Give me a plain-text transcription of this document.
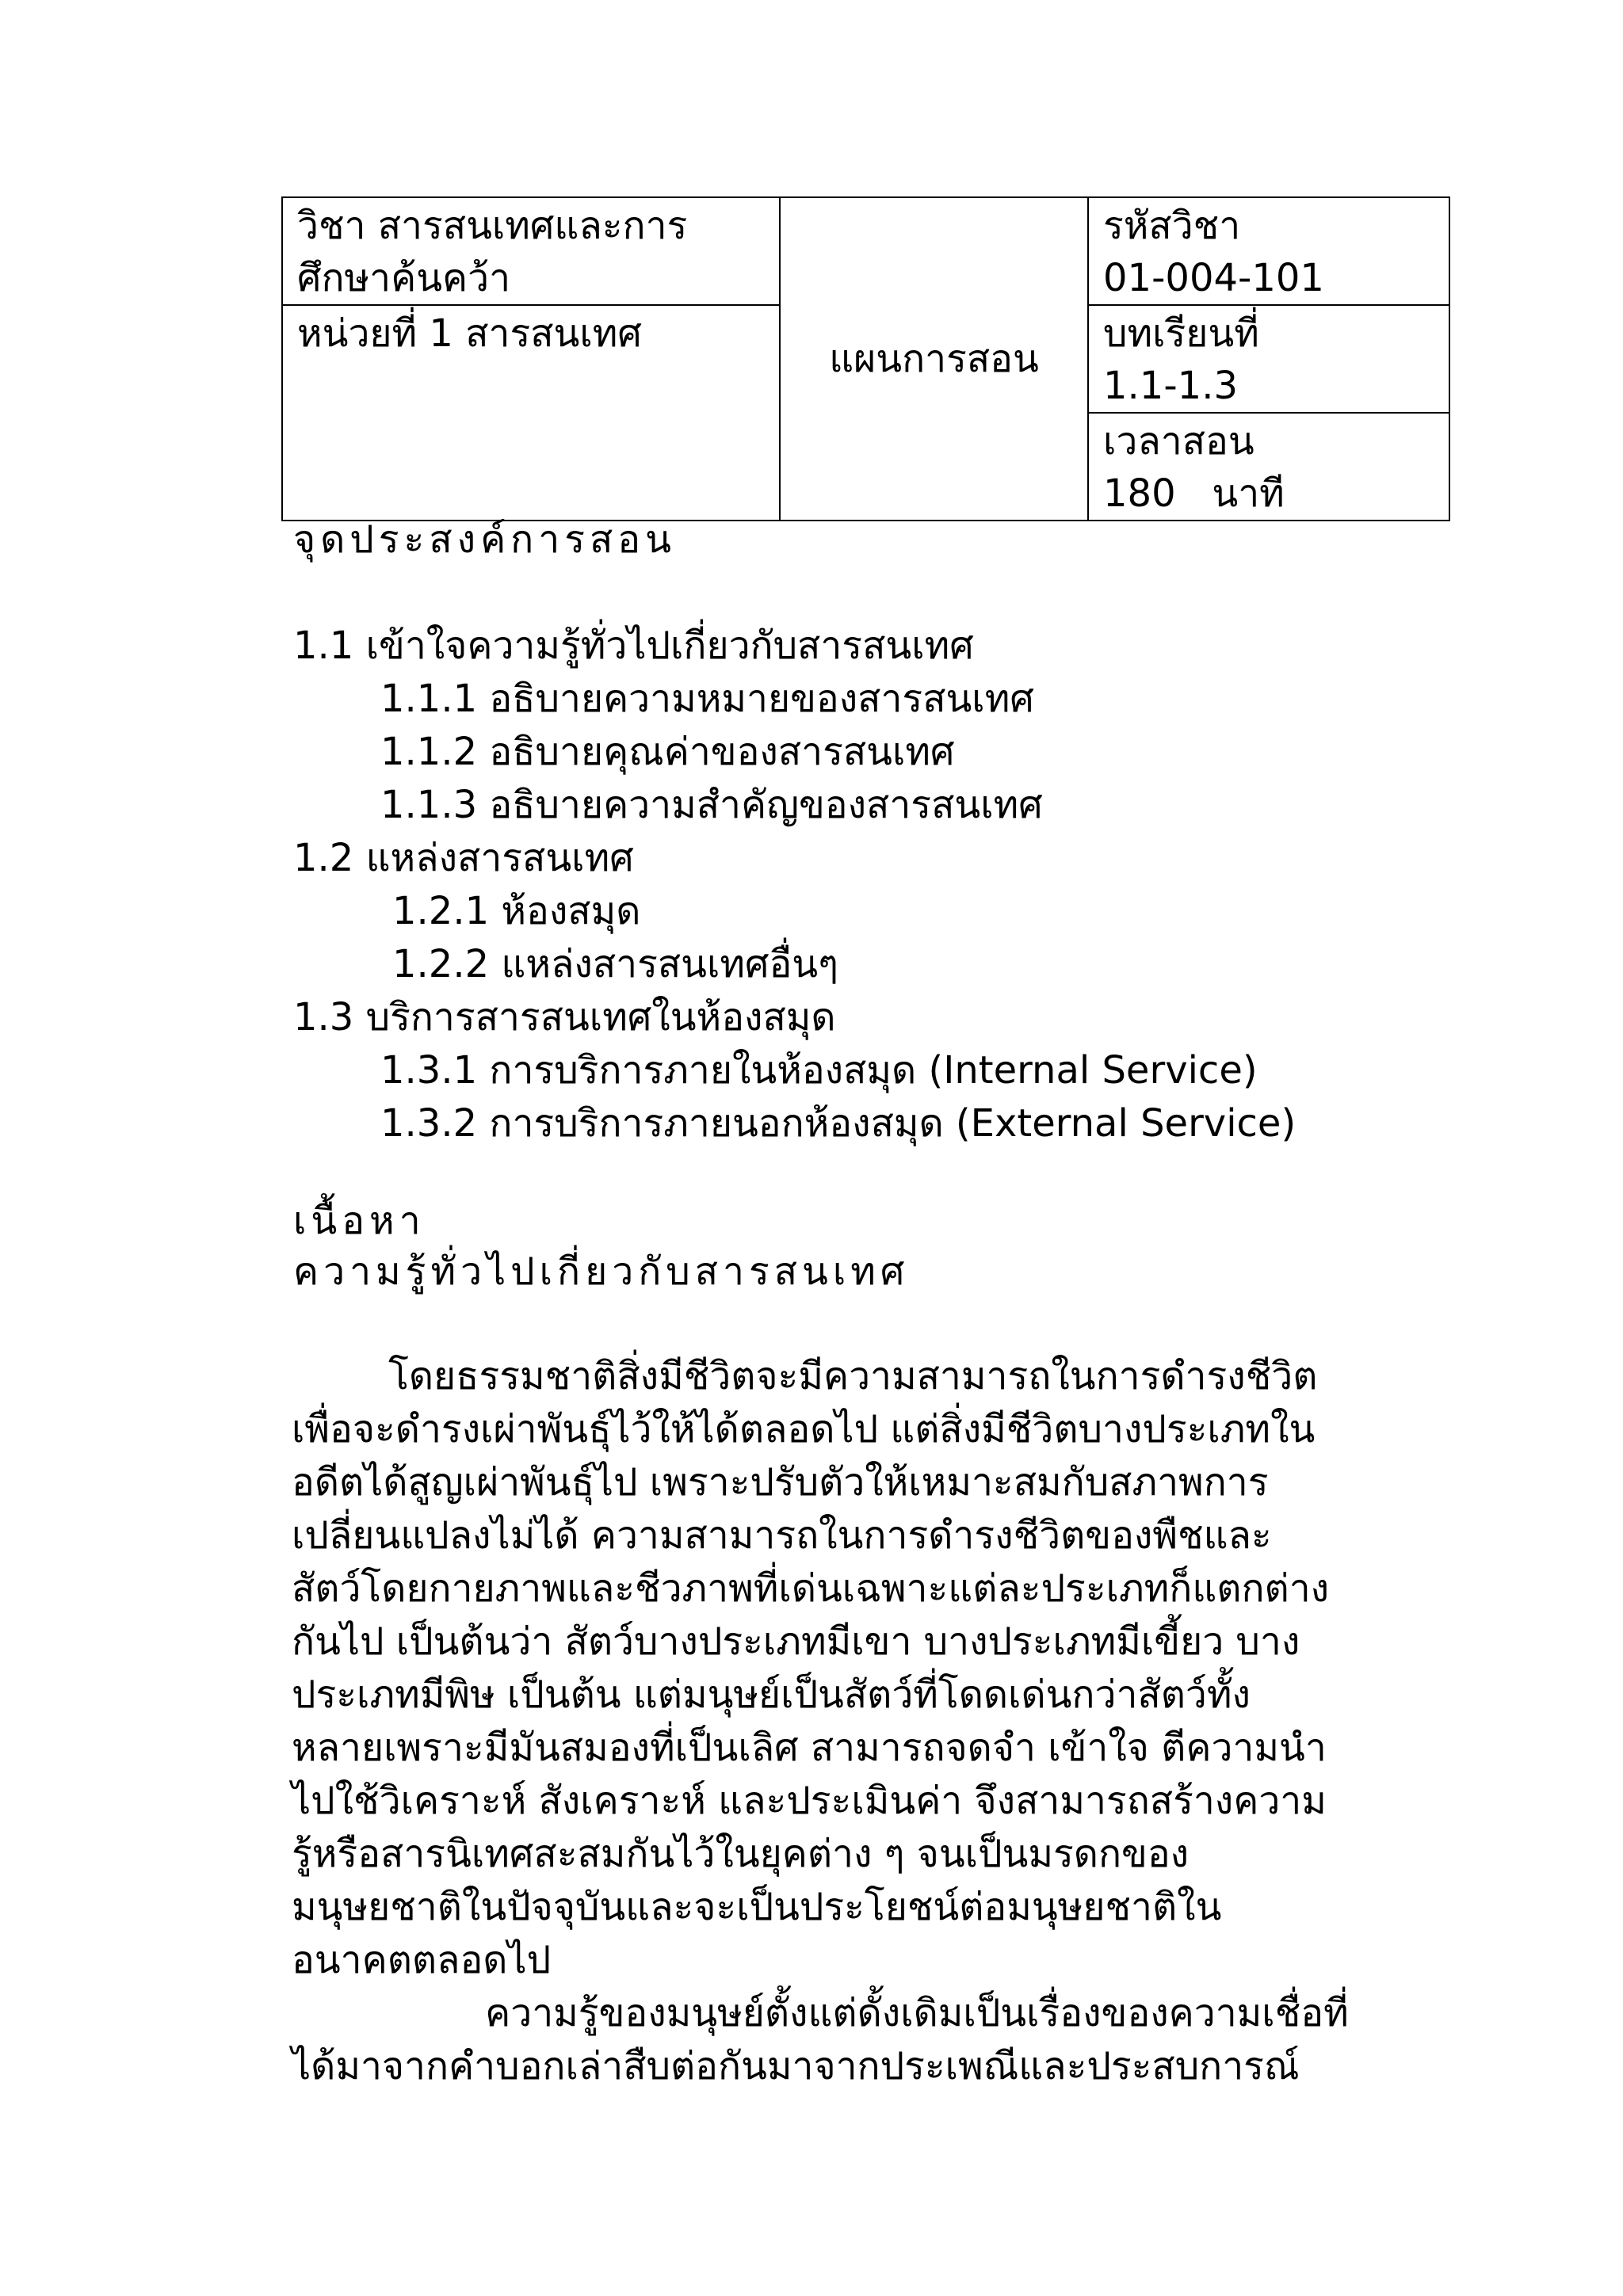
วิชา สารสนเทศและการศึกษาค้นคว้า	แผนการสอน	รหัสวิชา
01-004-101

หน่วยที่ 1 สารสนเทศ		บทเรียนที่
1.1-1.3

		เวลาสอน
180   นาที
จุดประสงค์การสอน
1.1 เข้าใจความรู้ทั่วไปเกี่ยวกับสารสนเทศ
1.1.1 อธิบายความหมายของสารสนเทศ
1.1.2 อธิบายคุณค่าของสารสนเทศ
1.1.3 อธิบายความสำคัญของสารสนเทศ
1.2 แหล่งสารสนเทศ
1.2.1 ห้องสมุด
1.2.2 แหล่งสารสนเทศอื่นๆ
1.3 บริการสารสนเทศในห้องสมุด
1.3.1 การบริการภายในห้องสมุด (Internal Service)
1.3.2 การบริการภายนอกห้องสมุด (External Service)
เนื้อหา
ความรู้ทั่วไปเกี่ยวกับสารสนเทศ
โดยธรรมชาติสิ่งมีชีวิตจะมีความสามารถในการดำรงชีวิต
เพื่อจะดำรงเผ่าพันธุ์ไว้ให้ได้ตลอดไป แต่สิ่งมีชีวิตบางประเภทใน
อดีตได้สูญเผ่าพันธุ์ไป เพราะปรับตัวให้เหมาะสมกับสภาพการ
เปลี่ยนแปลงไม่ได้ ความสามารถในการดำรงชีวิตของพืชและ
สัตว์โดยกายภาพและชีวภาพที่เด่นเฉพาะแต่ละประเภทก็แตกต่าง
กันไป เป็นต้นว่า สัตว์บางประเภทมีเขา บางประเภทมีเขี้ยว บาง
ประเภทมีพิษ เป็นต้น แต่มนุษย์เป็นสัตว์ที่โดดเด่นกว่าสัตว์ทั้ง
หลายเพราะมีมันสมองที่เป็นเลิศ สามารถจดจำ เข้าใจ ตีความนำ
ไปใช้วิเคราะห์ สังเคราะห์ และประเมินค่า จึงสามารถสร้างความ
รู้หรือสารนิเทศสะสมกันไว้ในยุคต่าง ๆ จนเป็นมรดกของ
มนุษยชาติในปัจจุบันและจะเป็นประโยชน์ต่อมนุษยชาติใน
อนาคตตลอดไป
ความรู้ของมนุษย์ตั้งแต่ดั้งเดิมเป็นเรื่องของความเชื่อที่
ได้มาจากคำบอกเล่าสืบต่อกันมาจากประเพณีและประสบการณ์
